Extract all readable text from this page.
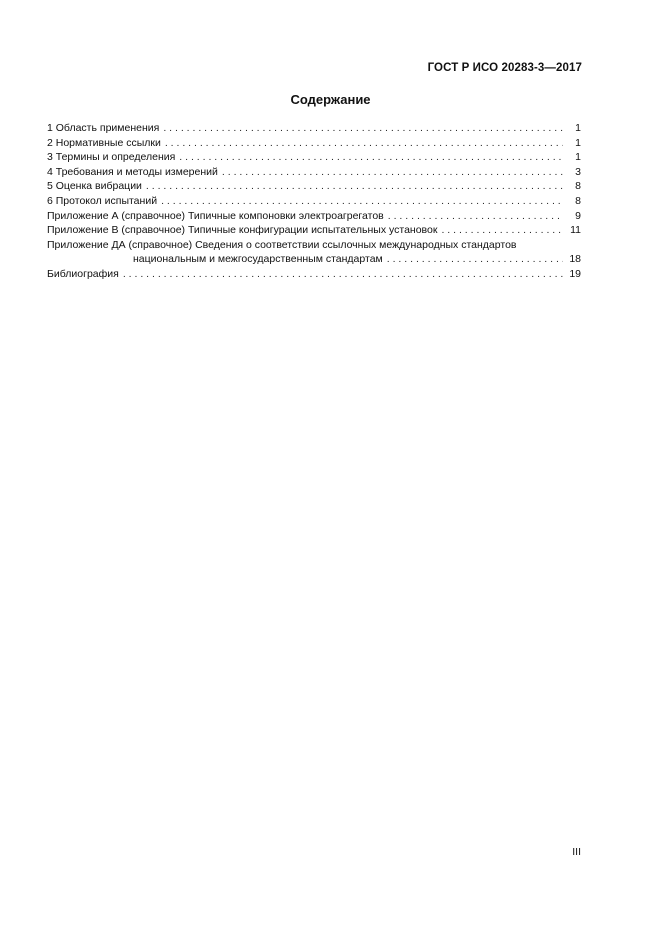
ГОСТ Р ИСО 20283-3—2017
Содержание
1 Область применения . . .	1
2 Нормативные ссылки . . .	1
3 Термины и определения . . .	1
4 Требования и методы измерений . . .	3
5 Оценка вибрации . . .	8
6 Протокол испытаний . . .	8
Приложение А (справочное) Типичные компоновки электроагрегатов . . .	9
Приложение В (справочное) Типичные конфигурации испытательных установок . . .	11
Приложение ДА (справочное) Сведения о соответствии ссылочных международных стандартов
национальным и межгосударственным стандартам . . .	18
Библиография . . .	19
III
